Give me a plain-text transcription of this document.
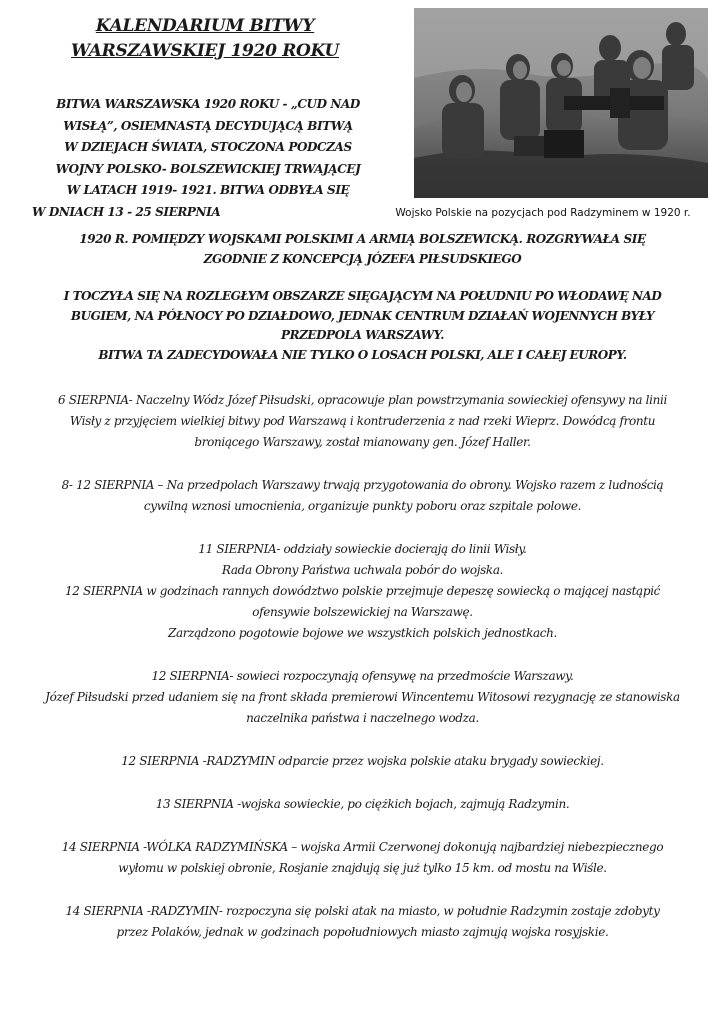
KALENDARIUM BITWY
WARSZAWSKIEJ 1920 ROKU
BITWA WARSZAWSKA 1920 ROKU - „CUD NAD
WISŁĄ”, OSIEMNASTĄ DECYDUJĄCĄ BITWĄ
W DZIEJACH ŚWIATA, STOCZONA PODCZAS
WOJNY POLSKO- BOLSZEWICKIEJ TRWAJĄCEJ
W LATACH 1919- 1921. BITWA ODBYŁA SIĘ
W DNIACH 13 - 25 SIERPNIA	Wojsko Polskie na pozycjach pod Radzyminem w 1920 r.
1920 R. POMIĘDZY WOJSKAMI POLSKIMI A ARMIĄ BOLSZEWICKĄ. ROZGRYWAŁA SIĘ
ZGODNIE Z KONCEPCJĄ JÓZEFA PIŁSUDSKIEGO
I TOCZYŁA SIĘ NA ROZLEGŁYM OBSZARZE SIĘGAJĄCYM NA POŁUDNIU PO WŁODAWĘ NAD
BUGIEM, NA PÓŁNOCY PO DZIAŁDOWO, JEDNAK CENTRUM DZIAŁAŃ WOJENNYCH BYŁY
PRZEDPOLA WARSZAWY.
BITWA TA ZADECYDOWAŁA NIE TYLKO O LOSACH POLSKI, ALE I CAŁEJ EUROPY.

6 SIERPNIA- Naczelny Wódz Józef Piłsudski, opracowuje plan powstrzymania sowieckiej ofensywy na linii

Wisły z przyjęciem wielkiej bitwy pod Warszawą i kontruderzenia z nad rzeki Wieprz. Dowódcą frontu

broniącego Warszawy, został mianowany gen. Józef Haller.

8- 12 SIERPNIA – Na przedpolach Warszawy trwają przygotowania do obrony. Wojsko razem z ludnością

cywilną wznosi umocnienia, organizuje punkty poboru oraz szpitale polowe.

11 SIERPNIA- oddziały sowieckie docierają do linii Wisły.

Rada Obrony Państwa uchwala pobór do wojska.

12 SIERPNIA w godzinach rannych dowództwo polskie przejmuje depeszę sowiecką o mającej nastąpić

ofensywie bolszewickiej na Warszawę.

Zarządzono pogotowie bojowe we wszystkich polskich jednostkach.

12 SIERPNIA- sowieci rozpoczynają ofensywę na przedmoście Warszawy.

Józef Piłsudski przed udaniem się na front składa premierowi Wincentemu Witosowi rezygnację ze stanowiska

naczelnika państwa i naczelnego wodza.

12 SIERPNIA -RADZYMIN odparcie przez wojska polskie ataku brygady sowieckiej.

13 SIERPNIA -wojska sowieckie, po ciężkich bojach, zajmują Radzymin.

14 SIERPNIA -WÓLKA RADZYMIŃSKA – wojska Armii Czerwonej dokonują najbardziej niebezpiecznego

wyłomu w polskiej obronie, Rosjanie znajdują się już tylko 15 km. od mostu na Wiśle.

14 SIERPNIA -RADZYMIN- rozpoczyna się polski atak na miasto, w południe Radzymin zostaje zdobyty

przez Polaków, jednak w godzinach popołudniowych miasto zajmują wojska rosyjskie.
